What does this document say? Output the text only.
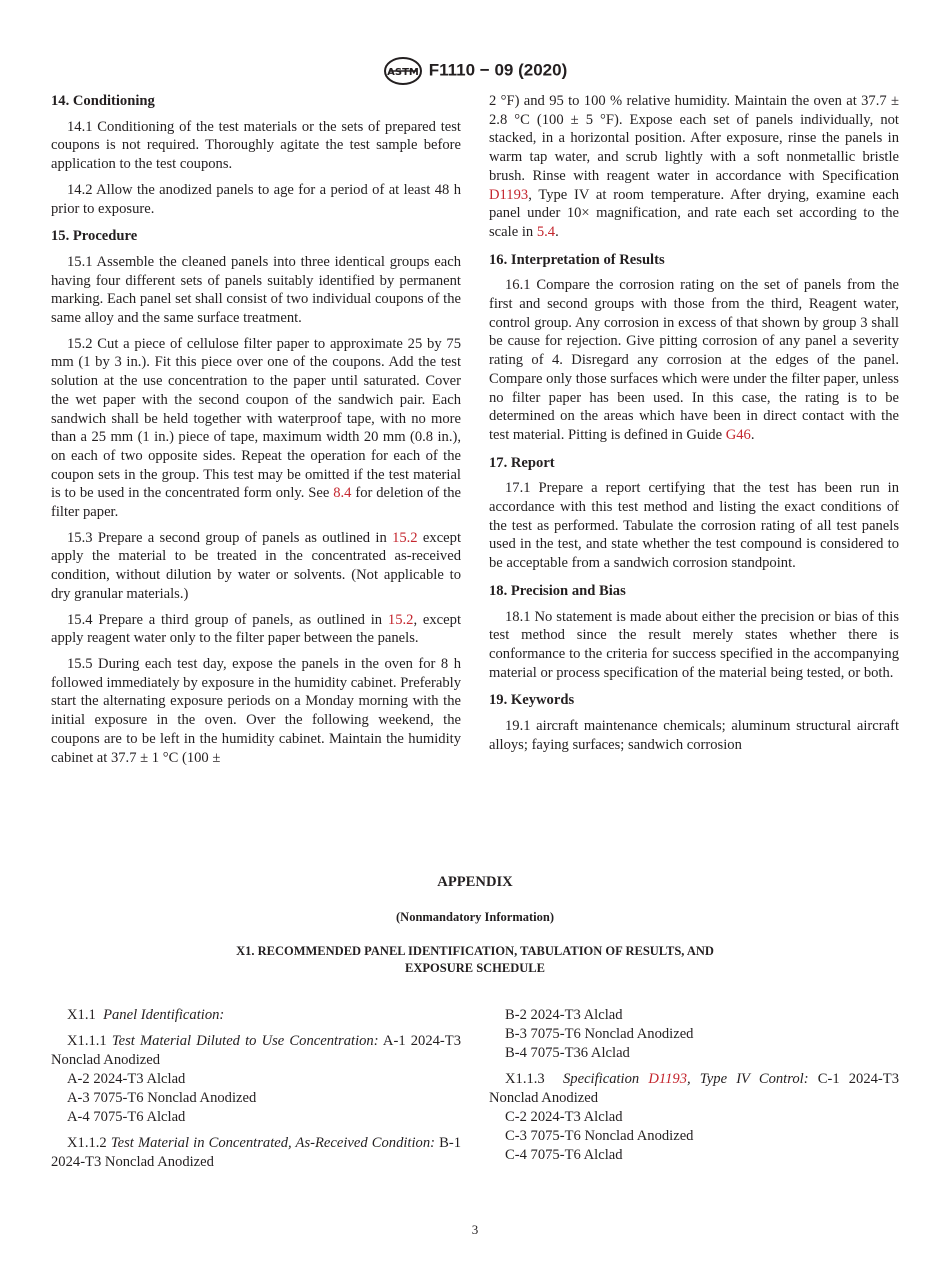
ASTM F1110 − 09 (2020)
14. Conditioning

14.1 Conditioning of the test materials or the sets of prepared test coupons is not required. Thoroughly agitate the test sample before application to the test coupons.

14.2 Allow the anodized panels to age for a period of at least 48 h prior to exposure.

15. Procedure

15.1 Assemble the cleaned panels into three identical groups each having four different sets of panels suitably identified by permanent marking. Each panel set shall consist of two individual coupons of the same alloy and the same surface treatment.

15.2 Cut a piece of cellulose filter paper to approximate 25 by 75 mm (1 by 3 in.). Fit this piece over one of the coupons. Add the test solution at the use concentration to the paper until saturated. Cover the wet paper with the second coupon of the sandwich pair. Each sandwich shall be held together with waterproof tape, with no more than a 25 mm (1 in.) piece of tape, maximum width 20 mm (0.8 in.), on each of two opposite sides. Repeat the operation for each of the coupon sets in the group. This test may be omitted if the test material is to be used in the concentrated form only. See 8.4 for deletion of the filter paper.

15.3 Prepare a second group of panels as outlined in 15.2 except apply the material to be treated in the concentrated as-received condition, without dilution by water or solvents. (Not applicable to dry granular materials.)

15.4 Prepare a third group of panels, as outlined in 15.2, except apply reagent water only to the filter paper between the panels.

15.5 During each test day, expose the panels in the oven for 8 h followed immediately by exposure in the humidity cabinet. Preferably start the alternating exposure periods on a Monday morning with the initial exposure in the oven. Over the following weekend, the coupons are to be left in the humidity cabinet. Maintain the humidity cabinet at 37.7 ± 1 °C (100 ±

2 °F) and 95 to 100 % relative humidity. Maintain the oven at 37.7 ± 2.8 °C (100 ± 5 °F). Expose each set of panels individually, not stacked, in a horizontal position. After exposure, rinse the panels in warm tap water, and scrub lightly with a soft nonmetallic bristle brush. Rinse with reagent water in accordance with Specification D1193, Type IV at room temperature. After drying, examine each panel under 10× magnification, and rate each set according to the scale in 5.4.

16. Interpretation of Results

16.1 Compare the corrosion rating on the set of panels from the first and second groups with those from the third, Reagent water, control group. Any corrosion in excess of that shown by group 3 shall be cause for rejection. Give pitting corrosion of any panel a severity rating of 4. Disregard any corrosion at the edges of the panel. Compare only those surfaces which were under the filter paper, unless no filter paper has been used. In this case, the rating is to be determined on the areas which have been in direct contact with the test material. Pitting is defined in Guide G46.

17. Report

17.1 Prepare a report certifying that the test has been run in accordance with this test method and listing the exact conditions of the test as performed. Tabulate the corrosion rating of all test panels used in the test, and state whether the test compound is considered to be acceptable from a sandwich corrosion standpoint.

18. Precision and Bias

18.1 No statement is made about either the precision or bias of this test method since the result merely states whether there is conformance to the criteria for success specified in the accompanying material or process specification of the material being tested, or both.

19. Keywords

19.1 aircraft maintenance chemicals; aluminum structural aircraft alloys; faying surfaces; sandwich corrosion

APPENDIX
(Nonmandatory Information)
X1. RECOMMENDED PANEL IDENTIFICATION, TABULATION OF RESULTS, AND
EXPOSURE SCHEDULE

X1.1 Panel Identification:

X1.1.1 Test Material Diluted to Use Concentration: A-1 2024-T3 Nonclad Anodized

A-2 2024-T3 Alclad
A-3 7075-T6 Nonclad Anodized
A-4 7075-T6 Alclad

X1.1.2 Test Material in Concentrated, As-Received Condition: B-1 2024-T3 Nonclad Anodized

B-2 2024-T3 Alclad
B-3 7075-T6 Nonclad Anodized
B-4 7075-T36 Alclad

X1.1.3 Specification D1193, Type IV Control: C-1 2024-T3 Nonclad Anodized

C-2 2024-T3 Alclad
C-3 7075-T6 Nonclad Anodized
C-4 7075-T6 Alclad
3
